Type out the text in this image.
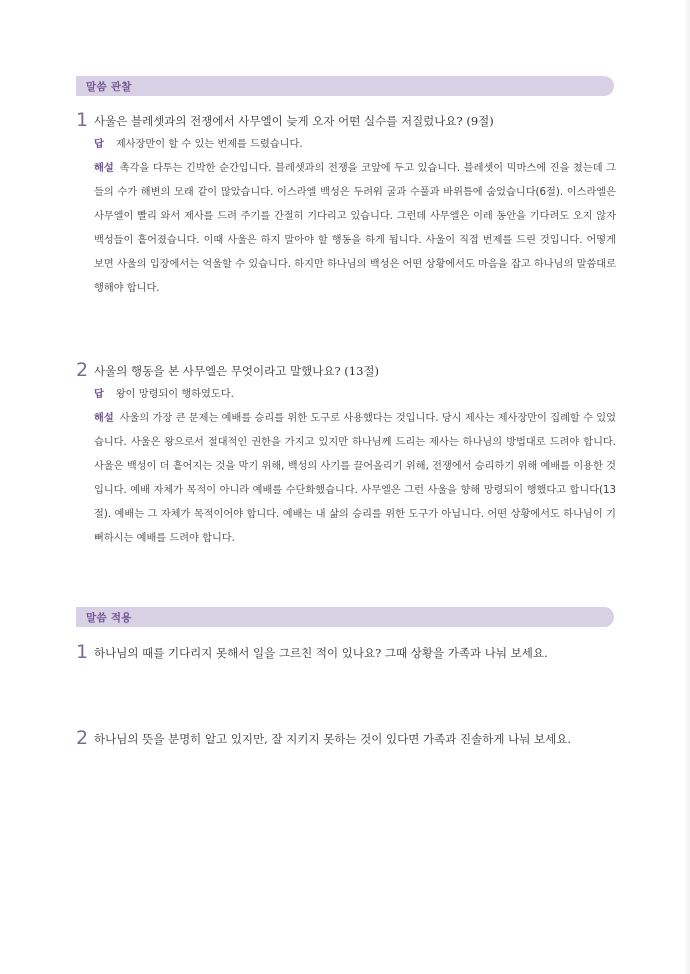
말씀 관찰
1 사울은 블레셋과의 전쟁에서 사무엘이 늦게 오자 어떤 실수를 저질렀나요? (9절)
답 제사장만이 할 수 있는 번제를 드렸습니다.
해설 촉각을 다투는 긴박한 순간입니다. 블레셋과의 전쟁을 코앞에 두고 있습니다. 블레셋이 믹마스에 진을 쳤는데 그들의 수가 해변의 모래 같이 많았습니다. 이스라엘 백성은 두려워 굴과 수풀과 바위틈에 숨었습니다(6절). 이스라엘은 사무엘이 빨리 와서 제사를 드려 주기를 간절히 기다리고 있습니다. 그런데 사무엘은 이레 동안을 기다려도 오지 않자 백성들이 흩어졌습니다. 이때 사울은 하지 말아야 할 행동을 하게 됩니다. 사울이 직접 번제를 드린 것입니다. 어떻게 보면 사울의 입장에서는 억울할 수 있습니다. 하지만 하나님의 백성은 어떤 상황에서도 마음을 잡고 하나님의 말씀대로 행해야 합니다.
2 사울의 행동을 본 사무엘은 무엇이라고 말했나요? (13절)
답 왕이 망령되이 행하였도다.
해설 사울의 가장 큰 문제는 예배를 승리를 위한 도구로 사용했다는 것입니다. 당시 제사는 제사장만이 집례할 수 있었습니다. 사울은 왕으로서 절대적인 권한을 가지고 있지만 하나님께 드리는 제사는 하나님의 방법대로 드려야 합니다. 사울은 백성이 더 흩어지는 것을 막기 위해, 백성의 사기를 끌어올리기 위해, 전쟁에서 승리하기 위해 예배를 이용한 것입니다. 예배 자체가 목적이 아니라 예배를 수단화했습니다. 사무엘은 그런 사울을 향해 망령되이 행했다고 합니다(13절). 예배는 그 자체가 목적이어야 합니다. 예배는 내 삶의 승리를 위한 도구가 아닙니다. 어떤 상황에서도 하나님이 기뻐하시는 예배를 드려야 합니다.
말씀 적용
1 하나님의 때를 기다리지 못해서 일을 그르친 적이 있나요? 그때 상황을 가족과 나눠 보세요.
2 하나님의 뜻을 분명히 알고 있지만, 잘 지키지 못하는 것이 있다면 가족과 진솔하게 나눠 보세요.
